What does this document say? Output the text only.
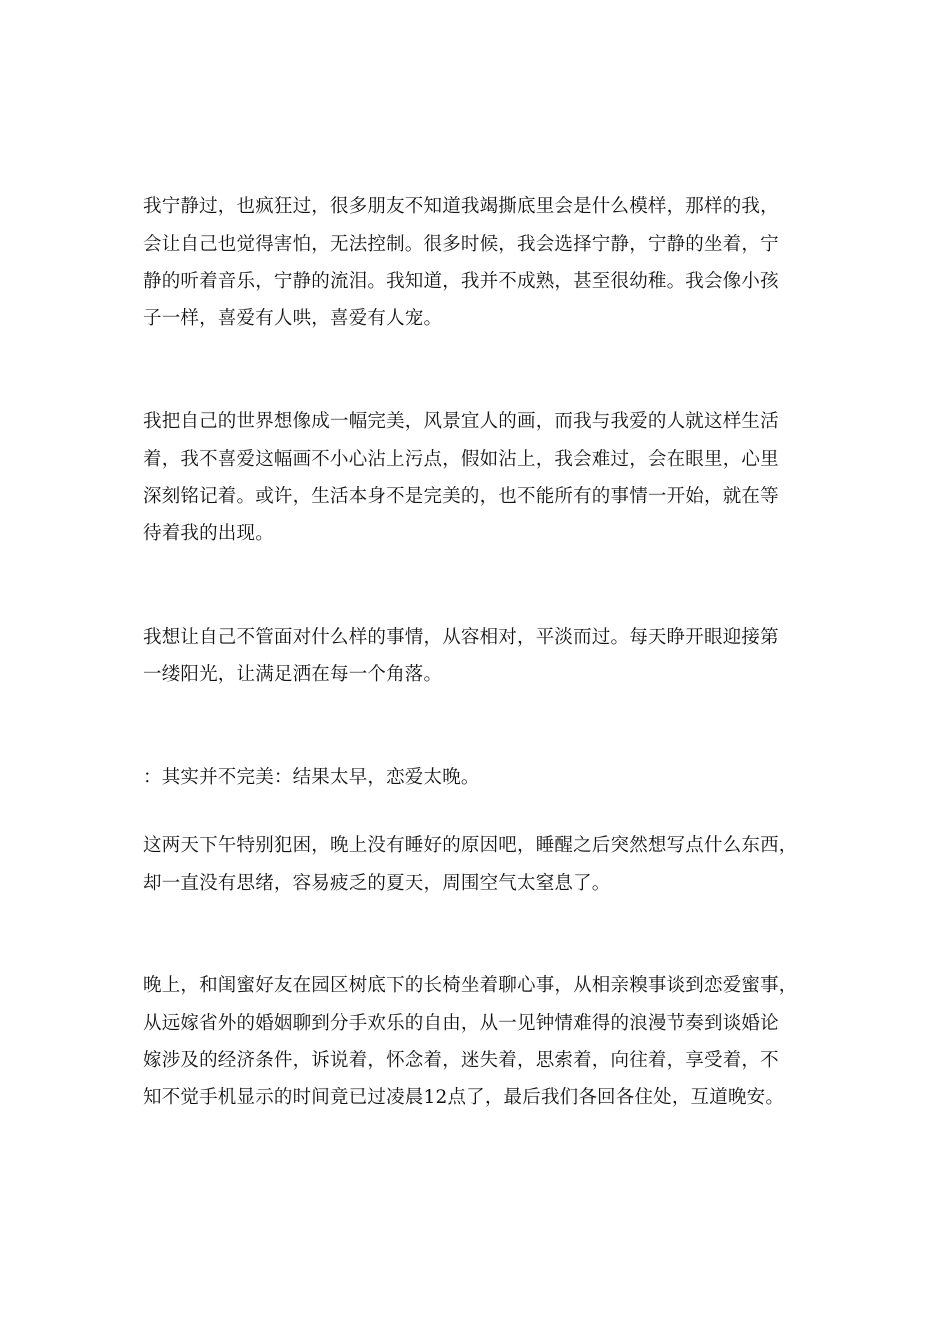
我宁静过，也疯狂过，很多朋友不知道我竭撕底里会是什么模样，那样的我，
会让自己也觉得害怕，无法控制。很多时候，我会选择宁静，宁静的坐着，宁
静的听着音乐，宁静的流泪。我知道，我并不成熟，甚至很幼稚。我会像小孩
子一样，喜爱有人哄，喜爱有人宠。
我把自己的世界想像成一幅完美，风景宜人的画，而我与我爱的人就这样生活
着，我不喜爱这幅画不小心沾上污点，假如沾上，我会难过，会在眼里，心里
深刻铭记着。或许，生活本身不是完美的，也不能所有的事情一开始，就在等
待着我的出现。
我想让自己不管面对什么样的事情，从容相对，平淡而过。每天睁开眼迎接第
一缕阳光，让满足洒在每一个角落。
：其实并不完美：结果太早，恋爱太晚。
这两天下午特别犯困，晚上没有睡好的原因吧，睡醒之后突然想写点什么东西，
却一直没有思绪，容易疲乏的夏天，周围空气太窒息了。
晚上，和闺蜜好友在园区树底下的长椅坐着聊心事，从相亲糗事谈到恋爱蜜事，
从远嫁省外的婚姻聊到分手欢乐的自由，从一见钟情难得的浪漫节奏到谈婚论
嫁涉及的经济条件，诉说着，怀念着，迷失着，思索着，向往着，享受着，不
知不觉手机显示的时间竟已过凌晨12点了，最后我们各回各住处，互道晚安。
